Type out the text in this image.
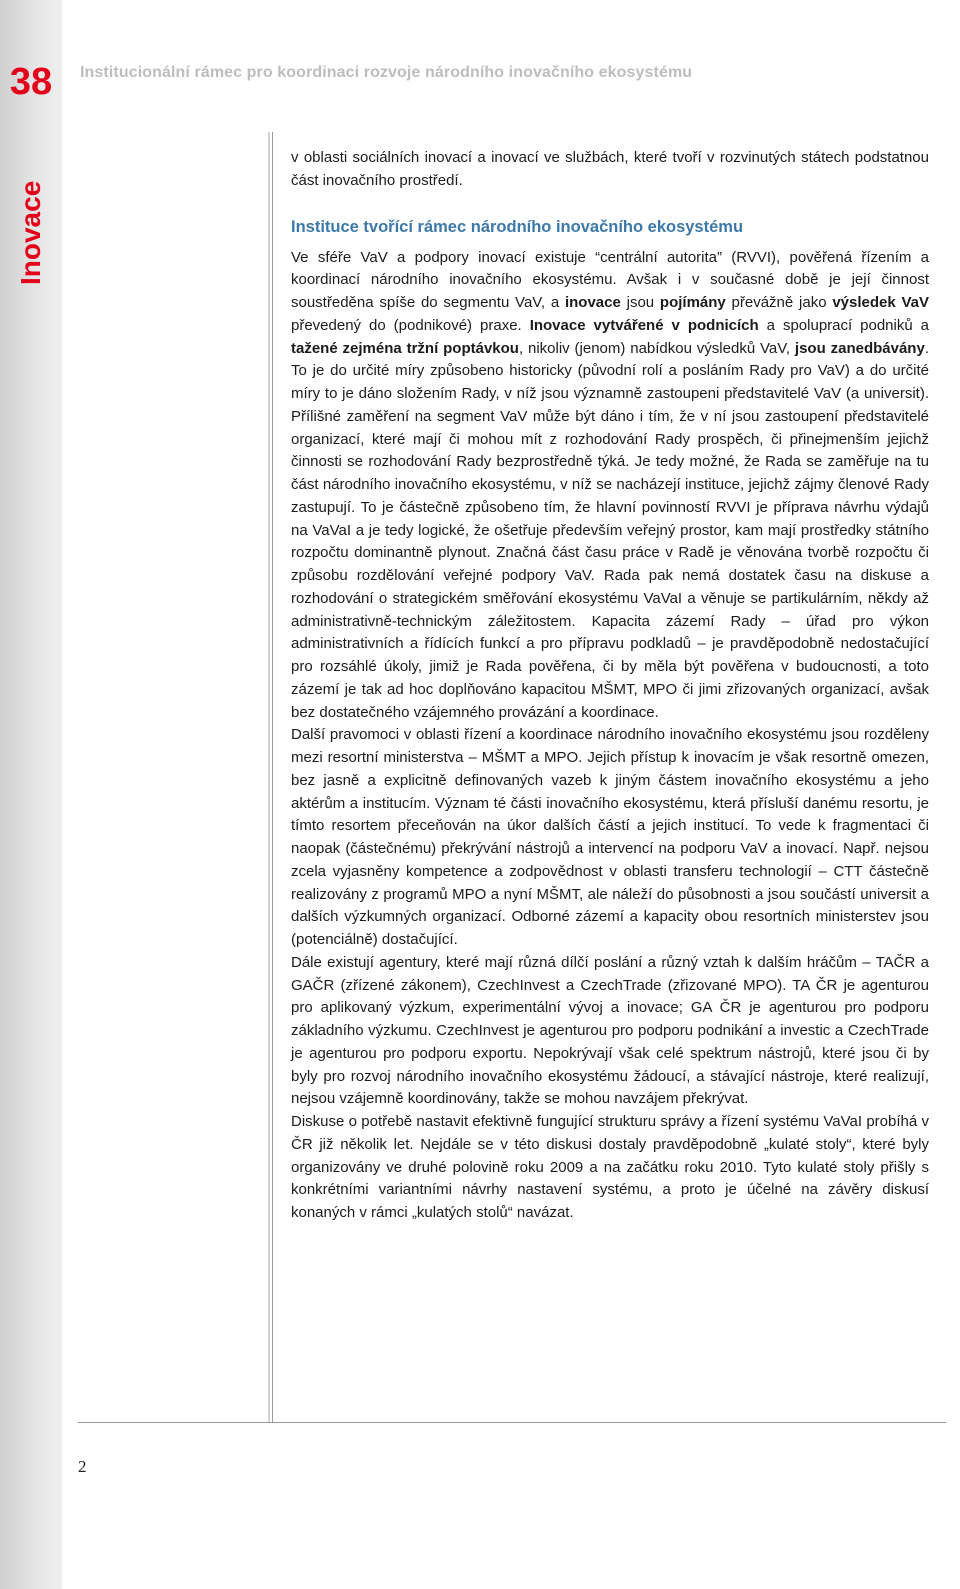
38
Inovace
Institucionální rámec pro koordinaci rozvoje národního inovačního ekosystému

v oblasti sociálních inovací a inovací ve službách, které tvoří v rozvinutých státech podstatnou část inovačního prostředí.

Instituce tvořící rámec národního inovačního ekosystému

Ve sféře VaV a podpory inovací existuje “centrální autorita” (RVVI), pověřená řízením a koordinací národního inovačního ekosystému. Avšak i v současné době je její činnost soustředěna spíše do segmentu VaV, a inovace jsou pojímány převážně jako výsledek VaV převedený do (podnikové) praxe. Inovace vytvářené v podnicích a spoluprací podniků a tažené zejména tržní poptávkou, nikoliv (jenom) nabídkou výsledků VaV, jsou zanedbávány. To je do určité míry způsobeno historicky (původní rolí a posláním Rady pro VaV) a do určité míry to je dáno složením Rady, v níž jsou významně zastoupeni představitelé VaV (a universit). Přílišné zaměření na segment VaV může být dáno i tím, že v ní jsou zastoupení představitelé organizací, které mají či mohou mít z rozhodování Rady prospěch, či přinejmenším jejichž činnosti se rozhodování Rady bezprostředně týká. Je tedy možné, že Rada se zaměřuje na tu část národního inovačního ekosystému, v níž se nacházejí instituce, jejichž zájmy členové Rady zastupují. To je částečně způsobeno tím, že hlavní povinností RVVI je příprava návrhu výdajů na VaVaI a je tedy logické, že ošetřuje především veřejný prostor, kam mají prostředky státního rozpočtu dominantně plynout. Značná část času práce v Radě je věnována tvorbě rozpočtu či způsobu rozdělování veřejné podpory VaV. Rada pak nemá dostatek času na diskuse a rozhodování o strategickém směřování ekosystému VaVaI a věnuje se partikulárním, někdy až administrativně-technickým záležitostem. Kapacita zázemí Rady – úřad pro výkon administrativních a řídících funkcí a pro přípravu podkladů – je pravděpodobně nedostačující pro rozsáhlé úkoly, jimiž je Rada pověřena, či by měla být pověřena v budoucnosti, a toto zázemí je tak ad hoc doplňováno kapacitou MŠMT, MPO či jimi zřizovaných organizací, avšak bez dostatečného vzájemného provázání a koordinace.

Další pravomoci v oblasti řízení a koordinace národního inovačního ekosystému jsou rozděleny mezi resortní ministerstva – MŠMT a MPO. Jejich přístup k inovacím je však resortně omezen, bez jasně a explicitně definovaných vazeb k jiným částem inovačního ekosystému a jeho aktérům a institucím. Význam té části inovačního ekosystému, která přísluší danému resortu, je tímto resortem přeceňován na úkor dalších částí a jejich institucí. To vede k fragmentaci či naopak (částečnému) překrývání nástrojů a intervencí na podporu VaV a inovací. Např. nejsou zcela vyjasněny kompetence a zodpovědnost v oblasti transferu technologií – CTT částečně realizovány z programů MPO a nyní MŠMT, ale náleží do působnosti a jsou součástí universit a dalších výzkumných organizací. Odborné zázemí a kapacity obou resortních ministerstev jsou (potenciálně) dostačující.

Dále existují agentury, které mají různá dílčí poslání a různý vztah k dalším hráčům – TAČR a GAČR (zřízené zákonem), CzechInvest a CzechTrade (zřizované MPO). TA ČR je agenturou pro aplikovaný výzkum, experimentální vývoj a inovace; GA ČR je agenturou pro podporu základního výzkumu. CzechInvest je agenturou pro podporu podnikání a investic a CzechTrade je agenturou pro podporu exportu. Nepokrývají však celé spektrum nástrojů, které jsou či by byly pro rozvoj národního inovačního ekosystému žádoucí, a stávající nástroje, které realizují, nejsou vzájemně koordinovány, takže se mohou navzájem překrývat.

Diskuse o potřebě nastavit efektivně fungující strukturu správy a řízení systému VaVaI probíhá v ČR již několik let. Nejdále se v této diskusi dostaly pravděpodobně „kulaté stoly“, které byly organizovány ve druhé polovině roku 2009 a na začátku roku 2010. Tyto kulaté stoly přišly s konkrétními variantními návrhy nastavení systému, a proto je účelné na závěry diskusí konaných v rámci „kulatých stolů“ navázat.

2
